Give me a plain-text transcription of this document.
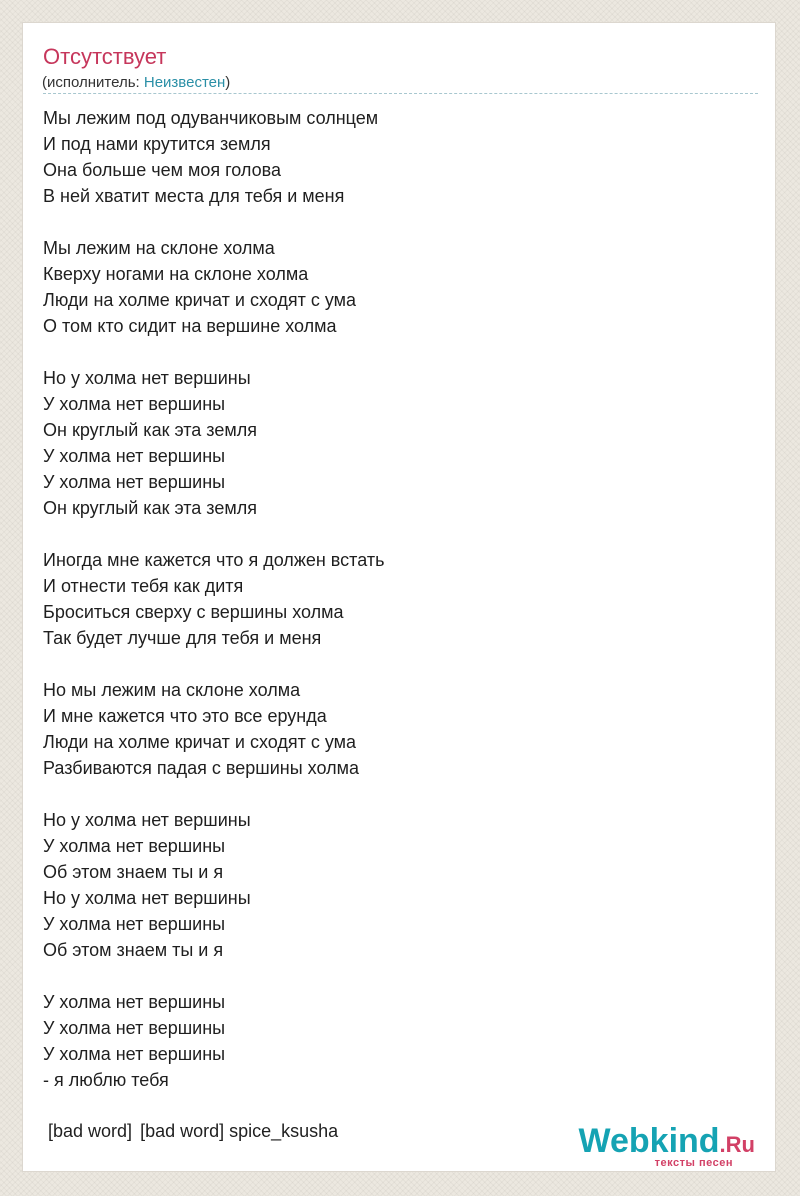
Отсутствует
(исполнитель: Неизвестен)
Мы лежим под одуванчиковым солнцем
И под нами крутится земля
Она больше чем моя голова
В ней хватит места для тебя и меня
Мы лежим на склоне холма
Кверху ногами на склоне холма
Люди на холме кричат и сходят с ума
О том кто сидит на вершине холма
Но у холма нет вершины
У холма нет вершины
Он круглый как эта земля
У холма нет вершины
У холма нет вершины
Он круглый как эта земля
Иногда мне кажется что я должен встать
И отнести тебя как дитя
Броситься сверху с вершины холма
Так будет лучше для тебя и меня
Но мы лежим на склоне холма
И мне кажется что это все ерунда
Люди на холме кричат и сходят с ума
Разбиваются падая с вершины холма
Но у холма нет вершины
У холма нет вершины
Об этом знаем ты и я
Но у холма нет вершины
У холма нет вершины
Об этом знаем ты и я
У холма нет вершины
У холма нет вершины
У холма нет вершины
- я люблю тебя
[bad word] [bad word] spice_ksusha	Webkind.Ru
тексты песен
